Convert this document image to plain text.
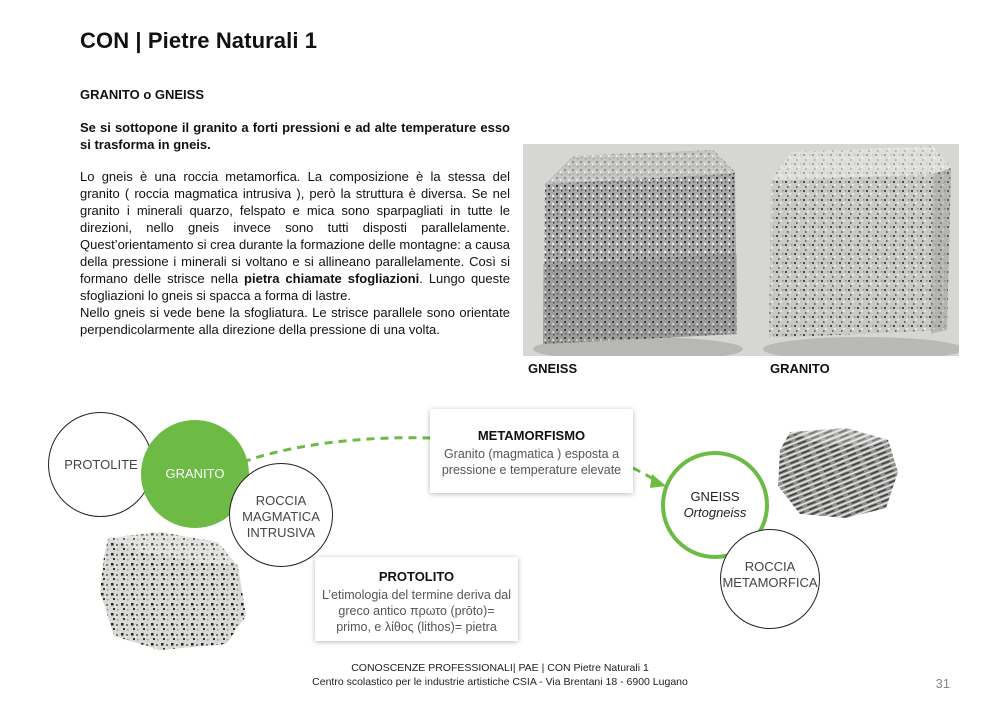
CON | Pietre Naturali 1
GRANITO o GNEISS
Se si sottopone il granito a forti pressioni e ad alte temperature esso si trasforma in gneis.

Lo gneis è una roccia metamorfica. La composizione è la stessa del granito ( roccia magmatica intrusiva ), però la struttura è diversa. Se nel granito i minerali quarzo, felspato e mica sono sparpagliati in tutte le direzioni, nello gneis invece sono tutti disposti parallelamente. Quest’orientamento si crea durante la formazione delle montagne: a causa della pressione i minerali si voltano e si allineano parallelamente. Così si formano delle strisce nella pietra chiamate sfogliazioni. Lungo queste sfogliazioni lo gneis si spacca a forma di lastre.

Nello gneis si vede bene la sfogliatura. Le strisce parallele sono orientate perpendicolarmente alla direzione della pressione di una volta.

GNEISS	GRANITO
PROTOLITE
GRANITO
ROCCIA
MAGMATICA
INTRUSIVA
METAMORFISMO
Granito (magmatica ) esposta a
pressione e temperature elevate
PROTOLITO
L’etimologia del termine deriva dal
greco antico πρωτο (prōto)=
primo, e λίθος (lithos)= pietra
GNEISS
Ortogneiss
ROCCIA
METAMORFICA
CONOSCENZE PROFESSIONALI| PAE | CON Pietre Naturali 1
Centro scolastico per le industrie artistiche CSIA - Via Brentani 18 - 6900 Lugano	31
